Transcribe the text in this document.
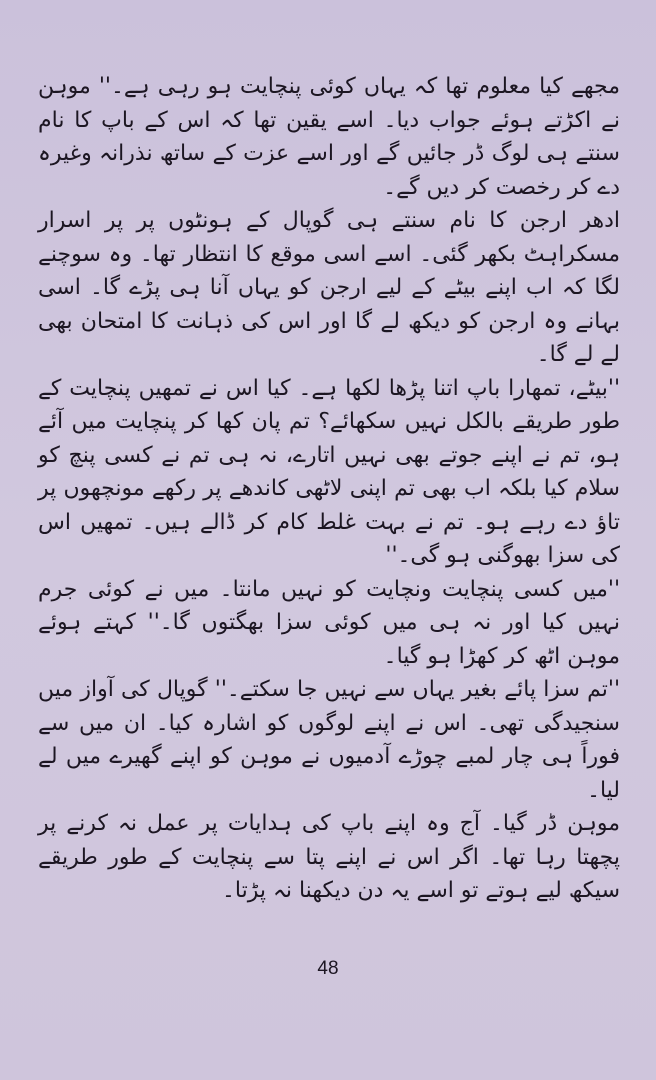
مجھے کیا معلوم تھا کہ یہاں کوئی پنچایت ہو رہی ہے۔'' موہن نے اکڑتے ہوئے جواب دیا۔ اسے یقین تھا کہ اس کے باپ کا نام سنتے ہی لوگ ڈر جائیں گے اور اسے عزت کے ساتھ نذرانہ وغیرہ دے کر رخصت کر دیں گے۔

ادھر ارجن کا نام سنتے ہی گوپال کے ہونٹوں پر پر اسرار مسکراہٹ بکھر گئی۔ اسے اسی موقع کا انتظار تھا۔ وہ سوچنے لگا کہ اب اپنے بیٹے کے لیے ارجن کو یہاں آنا ہی پڑے گا۔ اسی بہانے وہ ارجن کو دیکھ لے گا اور اس کی ذہانت کا امتحان بھی لے لے گا۔

''بیٹے، تمھارا باپ اتنا پڑھا لکھا ہے۔ کیا اس نے تمھیں پنچایت کے طور طریقے بالکل نہیں سکھائے؟ تم پان کھا کر پنچایت میں آئے ہو، تم نے اپنے جوتے بھی نہیں اتارے، نہ ہی تم نے کسی پنچ کو سلام کیا بلکہ اب بھی تم اپنی لاٹھی کاندھے پر رکھے مونچھوں پر تاؤ دے رہے ہو۔ تم نے بہت غلط کام کر ڈالے ہیں۔ تمھیں اس کی سزا بھوگنی ہو گی۔''

''میں کسی پنچایت ونچایت کو نہیں مانتا۔ میں نے کوئی جرم نہیں کیا اور نہ ہی میں کوئی سزا بھگتوں گا۔'' کہتے ہوئے موہن اٹھ کر کھڑا ہو گیا۔

''تم سزا پائے بغیر یہاں سے نہیں جا سکتے۔'' گوپال کی آواز میں سنجیدگی تھی۔ اس نے اپنے لوگوں کو اشارہ کیا۔ ان میں سے فوراً ہی چار لمبے چوڑے آدمیوں نے موہن کو اپنے گھیرے میں لے لیا۔

موہن ڈر گیا۔ آج وہ اپنے باپ کی ہدایات پر عمل نہ کرنے پر پچھتا رہا تھا۔ اگر اس نے اپنے پتا سے پنچایت کے طور طریقے سیکھ لیے ہوتے تو اسے یہ دن دیکھنا نہ پڑتا۔

48
